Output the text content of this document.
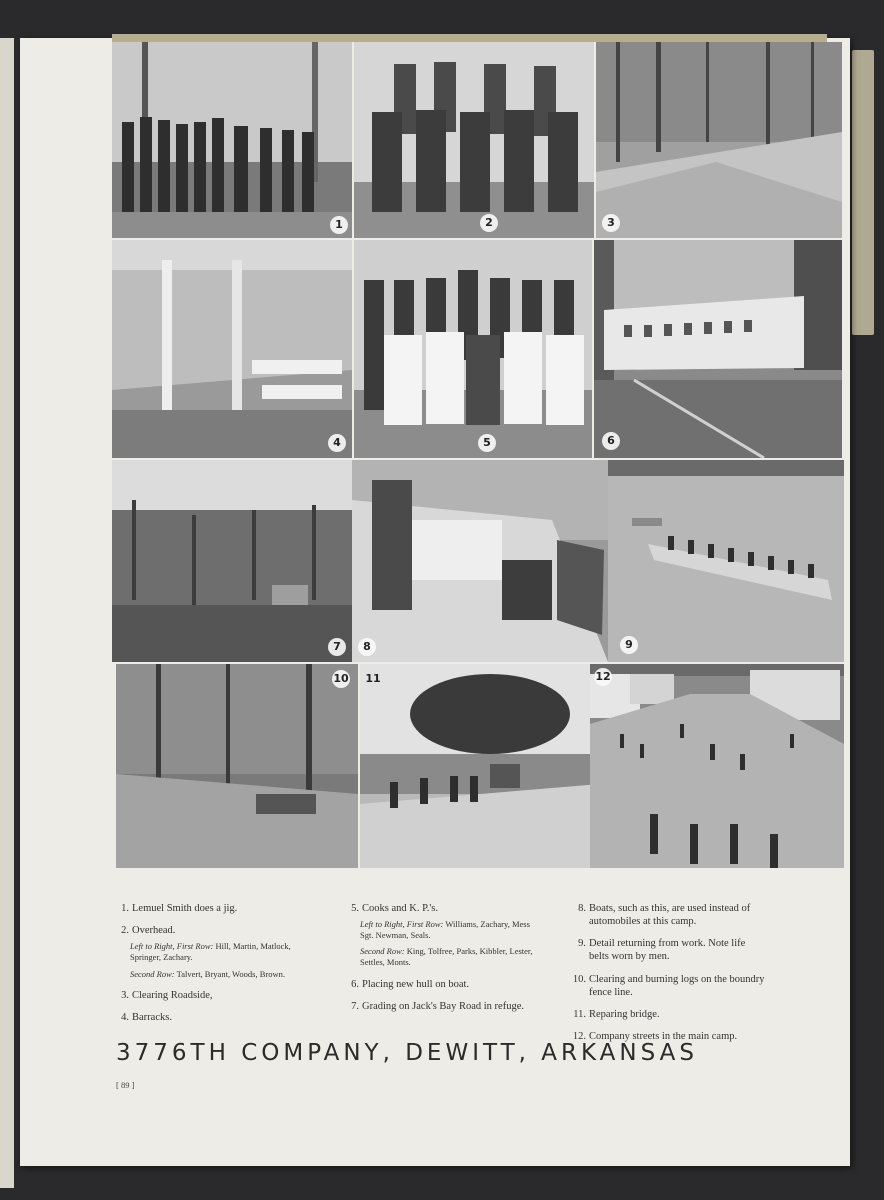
1	2	3
4	5	6
7	8	9
10 11	12
1. Lemuel Smith does a jig.
2. Overhead.
Left to Right, First Row: Hill, Martin, Matlock, Springer, Zachary.
Second Row: Talvert, Bryant, Woods, Brown.
3. Clearing Roadside,
4. Barracks.
5. Cooks and K. P.'s.
Left to Right, First Row: Williams, Zachary, Mess Sgt. Newman, Seals.
Second Row: King, Tolfree, Parks, Kibbler, Lester, Settles, Monts.
6. Placing new hull on boat.
7. Grading on Jack's Bay Road in refuge.
8. Boats, such as this, are used instead of automobiles at this camp.
9. Detail returning from work. Note life belts worn by men.
10. Clearing and burning logs on the boundry fence line.
11. Reparing bridge.
12. Company streets in the main camp.
3776TH COMPANY, DEWITT, ARKANSAS
[ 89 ]
